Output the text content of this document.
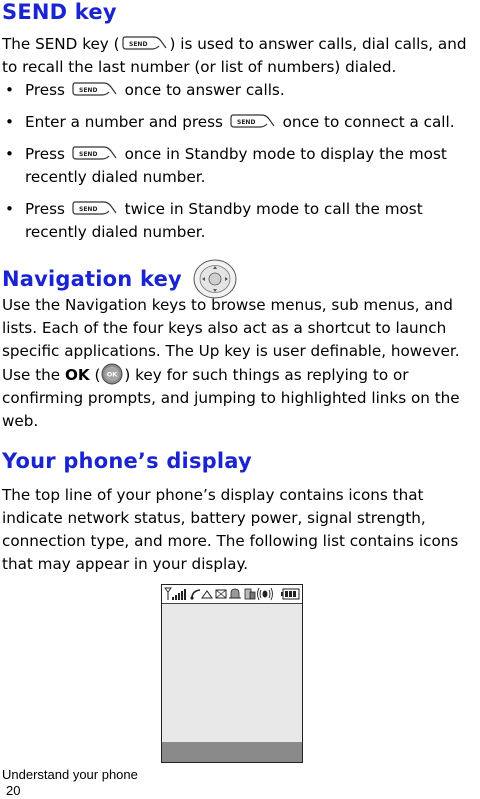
SEND key

The SEND key ( SEND ) is used to answer calls, dial calls, and to recall the last number (or list of numbers) dialed.

• Press SEND once to answer calls.
• Enter a number and press SEND once to connect a call.
• Press SEND once in Standby mode to display the most recently dialed number.
• Press SEND twice in Standby mode to call the most recently dialed number.
Navigation key

Use the Navigation keys to browse menus, sub menus, and lists. Each of the four keys also act as a shortcut to launch specific applications. The Up key is user definable, however. Use the OK ( OK ) key for such things as replying to or confirming prompts, and jumping to highlighted links on the web.

Your phone’s display

The top line of your phone’s display contains icons that indicate network status, battery power, signal strength, connection type, and more. The following list contains icons that may appear in your display.

Understand your phone
20
